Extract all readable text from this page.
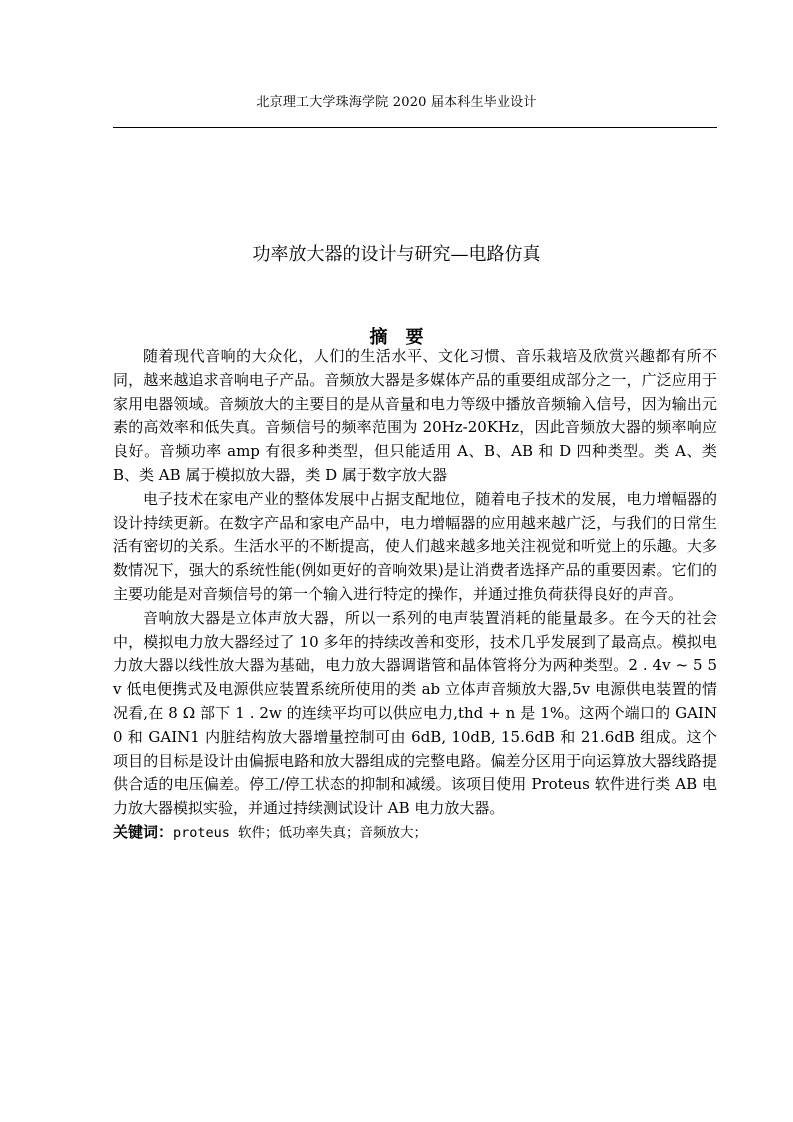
北京理工大学珠海学院 2020 届本科生毕业设计
功率放大器的设计与研究—电路仿真
摘要

随着现代音响的大众化，人们的生活水平、文化习惯、音乐栽培及欣赏兴趣都有所不同，越来越追求音响电子产品。音频放大器是多媒体产品的重要组成部分之一，广泛应用于家用电器领域。音频放大的主要目的是从音量和电力等级中播放音频输入信号，因为输出元素的高效率和低失真。音频信号的频率范围为 20Hz-20KHz，因此音频放大器的频率响应良好。音频功率 amp 有很多种类型，但只能适用 A、B、AB 和 D 四种类型。类 A、类 B、类 AB 属于模拟放大器，类 D 属于数字放大器

电子技术在家电产业的整体发展中占据支配地位，随着电子技术的发展，电力增幅器的设计持续更新。在数字产品和家电产品中，电力增幅器的应用越来越广泛，与我们的日常生活有密切的关系。生活水平的不断提高，使人们越来越多地关注视觉和听觉上的乐趣。大多数情况下，强大的系统性能(例如更好的音响效果)是让消费者选择产品的重要因素。它们的主要功能是对音频信号的第一个输入进行特定的操作，并通过推负荷获得良好的声音。

音响放大器是立体声放大器，所以一系列的电声装置消耗的能量最多。在今天的社会中，模拟电力放大器经过了 10 多年的持续改善和变形，技术几乎发展到了最高点。模拟电力放大器以线性放大器为基础，电力放大器调谐管和晶体管将分为两种类型。2 . 4v ~ 5 5v 低电便携式及电源供应装置系统所使用的类 ab 立体声音频放大器,5v 电源供电装置的情况看,在 8 Ω 部下 1 . 2w 的连续平均可以供应电力,thd + n 是 1%。这两个端口的 GAIN0 和 GAIN1 内脏结构放大器增量控制可由 6dB, 10dB, 15.6dB 和 21.6dB 组成。这个项目的目标是设计由偏振电路和放大器组成的完整电路。偏差分区用于向运算放大器线路提供合适的电压偏差。停工/停工状态的抑制和减缓。该项目使用 Proteus 软件进行类 AB 电力放大器模拟实验，并通过持续测试设计 AB 电力放大器。

关键词：proteus 软件；低功率失真；音频放大；
